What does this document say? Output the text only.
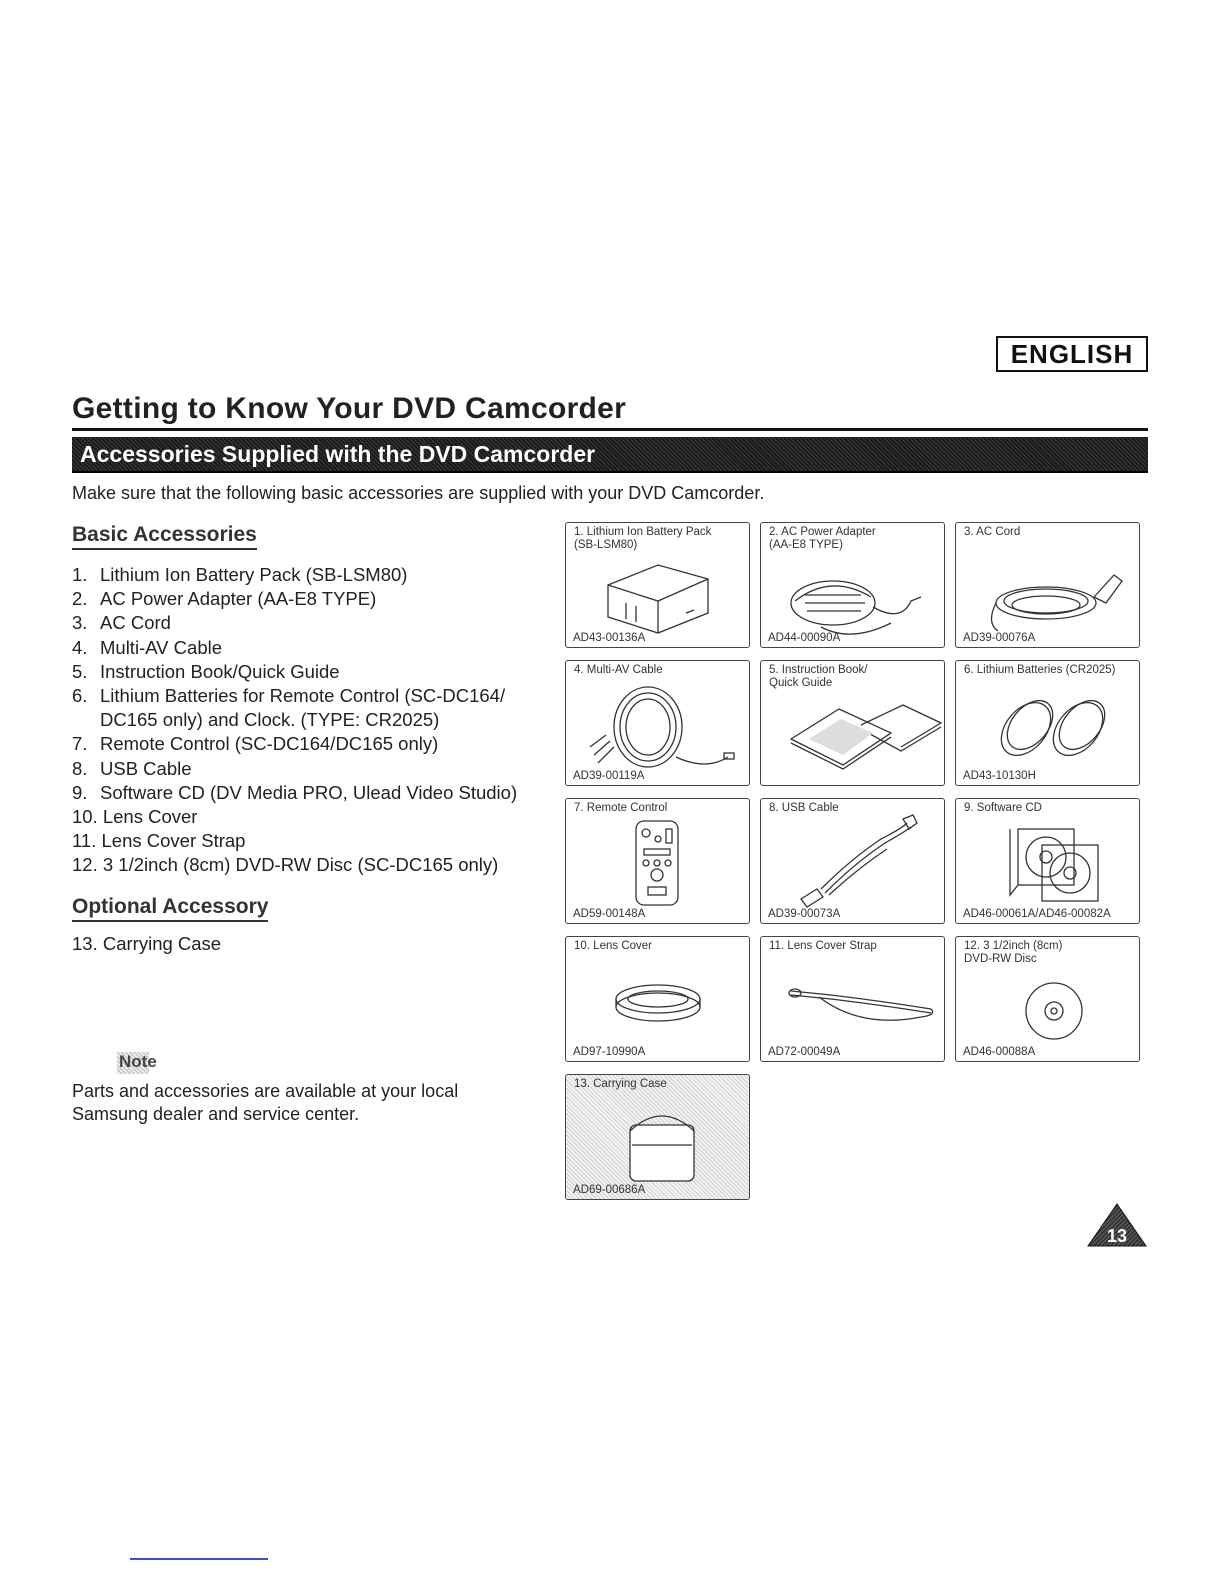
ENGLISH
Getting to Know Your DVD Camcorder
Accessories Supplied with the DVD Camcorder
Make sure that the following basic accessories are supplied with your DVD Camcorder.
Basic Accessories
1. Lithium Ion Battery Pack (SB-LSM80)
2. AC Power Adapter (AA-E8 TYPE)
3. AC Cord
4. Multi-AV Cable
5. Instruction Book/Quick Guide
6. Lithium Batteries for Remote Control (SC-DC164/ DC165 only) and Clock. (TYPE: CR2025)
7. Remote Control (SC-DC164/DC165 only)
8. USB Cable
9. Software CD (DV Media PRO, Ulead Video Studio)
10. Lens Cover
11. Lens Cover Strap
12. 3 1/2inch (8cm) DVD-RW Disc (SC-DC165 only)
Optional Accessory
13. Carrying Case
Note
Parts and accessories are available at your local Samsung dealer and service center.
1. Lithium Ion Battery Pack
(SB-LSM80)
AD43-00136A
2. AC Power Adapter
(AA-E8 TYPE)
AD44-00090A
3. AC Cord
AD39-00076A
4. Multi-AV Cable
AD39-00119A
5. Instruction Book/
Quick Guide
6. Lithium Batteries (CR2025)
AD43-10130H
7. Remote Control
AD59-00148A
8. USB Cable
AD39-00073A
9. Software CD
AD46-00061A/AD46-00082A
10. Lens Cover
AD97-10990A
11. Lens Cover Strap
AD72-00049A
12. 3 1/2inch (8cm)
DVD-RW Disc
AD46-00088A
13. Carrying Case
AD69-00686A
13
